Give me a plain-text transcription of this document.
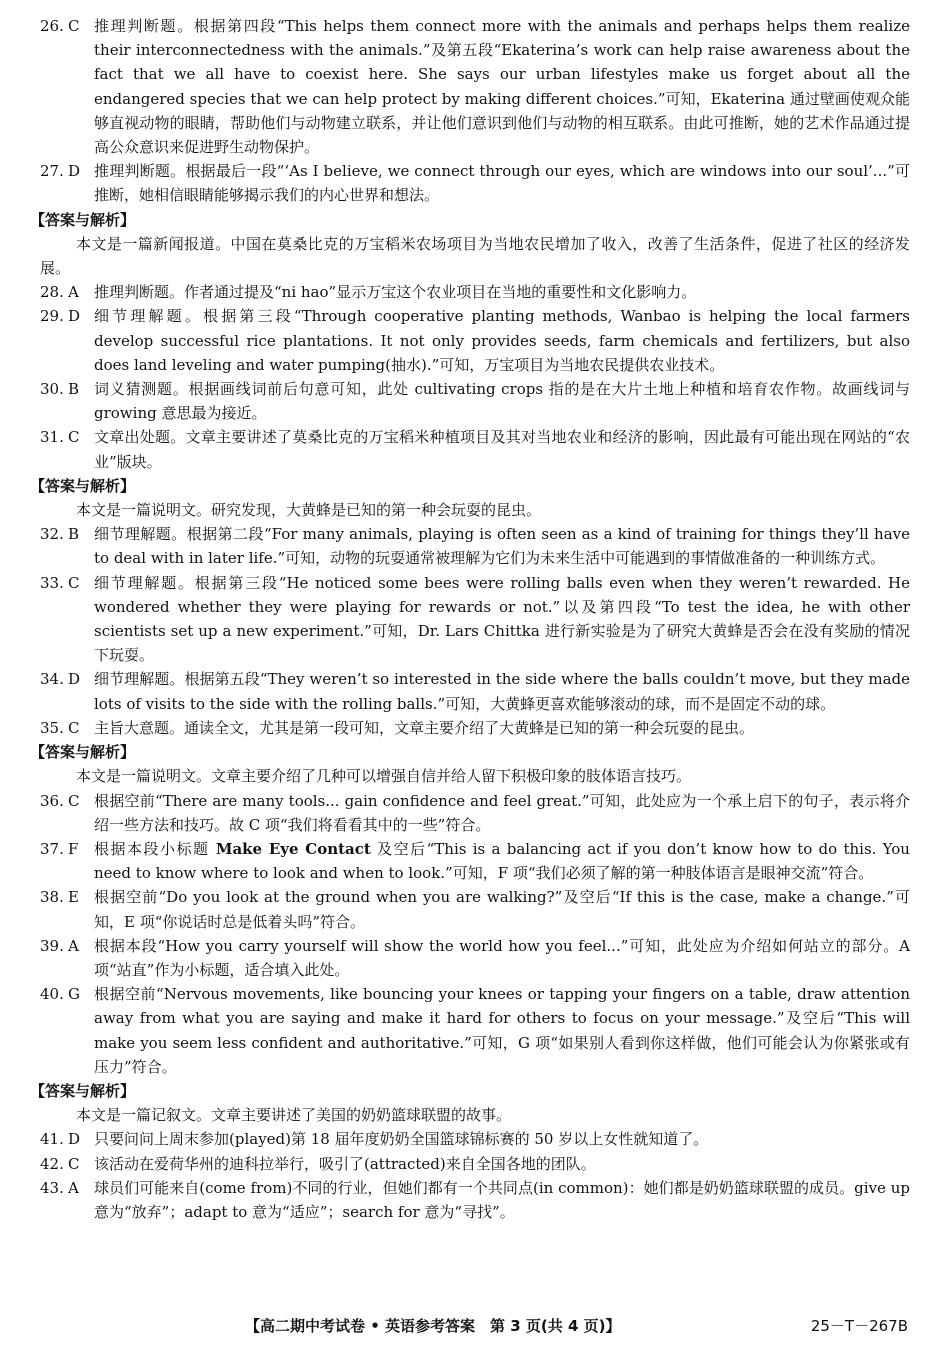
26. C 推理判断题。根据第四段“This helps them connect more with the animals and perhaps helps them realize their interconnectedness with the animals.”及第五段“Ekaterina’s work can help raise awareness about the fact that we all have to coexist here. She says our urban lifestyles make us forget about all the endangered species that we can help protect by making different choices.”可知，Ekaterina 通过壁画使观众能够直视动物的眼睛，帮助他们与动物建立联系，并让他们意识到他们与动物的相互联系。由此可推断，她的艺术作品通过提高公众意识来促进野生动物保护。
27. D 推理判断题。根据最后一段“‘As I believe, we connect through our eyes, which are windows into our soul’...”可推断，她相信眼睛能够揭示我们的内心世界和想法。
【答案与解析】
本文是一篇新闻报道。中国在莫桑比克的万宝稻米农场项目为当地农民增加了收入，改善了生活条件，促进了社区的经济发展。
28. A	推理判断题。作者通过提及“ni hao”显示万宝这个农业项目在当地的重要性和文化影响力。
29. D 细节理解题。根据第三段“Through cooperative planting methods, Wanbao is helping the local farmers develop successful rice plantations. It not only provides seeds, farm chemicals and fertilizers, but also does land leveling and water pumping(抽水).”可知，万宝项目为当地农民提供农业技术。
30. B 词义猜测题。根据画线词前后句意可知，此处 cultivating crops 指的是在大片土地上种植和培育农作物。故画线词与 growing 意思最为接近。
31. C 文章出处题。文章主要讲述了莫桑比克的万宝稻米种植项目及其对当地农业和经济的影响，因此最有可能出现在网站的“农业”版块。
【答案与解析】
本文是一篇说明文。研究发现，大黄蜂是已知的第一种会玩耍的昆虫。
32. B 细节理解题。根据第二段“For many animals, playing is often seen as a kind of training for things they’ll have to deal with in later life.”可知，动物的玩耍通常被理解为它们为未来生活中可能遇到的事情做准备的一种训练方式。
33. C 细节理解题。根据第三段“He noticed some bees were rolling balls even when they weren’t rewarded. He wondered whether they were playing for rewards or not.”以及第四段“To test the idea, he with other scientists set up a new experiment.”可知，Dr. Lars Chittka 进行新实验是为了研究大黄蜂是否会在没有奖励的情况下玩耍。
34. D 细节理解题。根据第五段“They weren’t so interested in the side where the balls couldn’t move, but they made lots of visits to the side with the rolling balls.”可知，大黄蜂更喜欢能够滚动的球，而不是固定不动的球。
35. C 主旨大意题。通读全文，尤其是第一段可知，文章主要介绍了大黄蜂是已知的第一种会玩耍的昆虫。
【答案与解析】
本文是一篇说明文。文章主要介绍了几种可以增强自信并给人留下积极印象的肢体语言技巧。
36. C 根据空前“There are many tools... gain confidence and feel great.”可知，此处应为一个承上启下的句子，表示将介绍一些方法和技巧。故 C 项“我们将看看其中的一些”符合。
37. F	根据本段小标题 Make Eye Contact 及空后“This is a balancing act if you don’t know how to do this. You need to know where to look and when to look.”可知，F 项“我们必须了解的第一种肢体语言是眼神交流”符合。
38. E	根据空前“Do you look at the ground when you are walking?”及空后“If this is the case, make a change.”可知，E 项“你说话时总是低着头吗”符合。
39. A	根据本段“How you carry yourself will show the world how you feel...”可知，此处应为介绍如何站立的部分。A 项“站直”作为小标题，适合填入此处。
40. G 根据空前“Nervous movements, like bouncing your knees or tapping your fingers on a table, draw attention away from what you are saying and make it hard for others to focus on your message.”及空后“This will make you seem less confident and authoritative.”可知，G 项“如果别人看到你这样做，他们可能会认为你紧张或有压力”符合。
【答案与解析】
本文是一篇记叙文。文章主要讲述了美国的奶奶篮球联盟的故事。
41. D 只要问问上周末参加(played)第 18 届年度奶奶全国篮球锦标赛的 50 岁以上女性就知道了。
42. C 该活动在爱荷华州的迪科拉举行，吸引了(attracted)来自全国各地的团队。
43. A	球员们可能来自(come from)不同的行业，但她们都有一个共同点(in common)：她们都是奶奶篮球联盟的成员。give up 意为“放弃”；adapt to 意为“适应”；search for 意为“寻找”。
【高二期中考试卷 • 英语参考答案　第 3 页(共 4 页)】	25－T－267B
